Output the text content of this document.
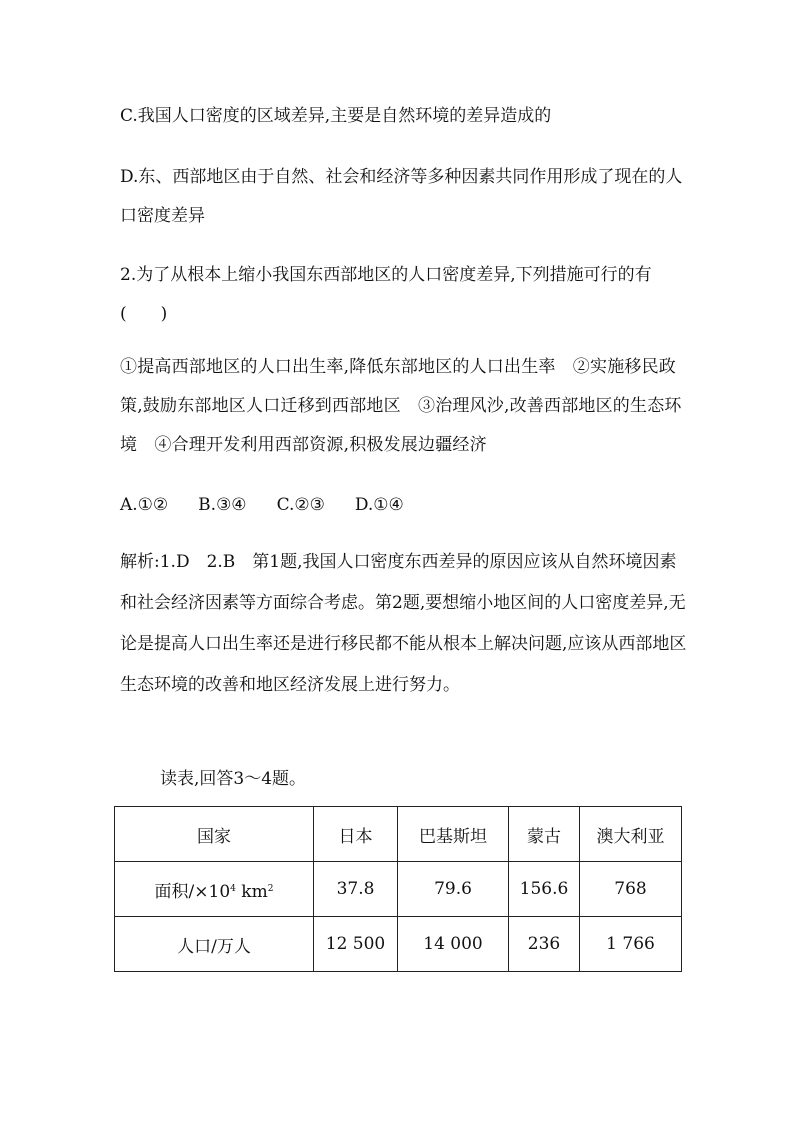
C.我国人口密度的区域差异,主要是自然环境的差异造成的

D.东、西部地区由于自然、社会和经济等多种因素共同作用形成了现在的人口密度差异

2.为了从根本上缩小我国东西部地区的人口密度差异,下列措施可行的有(　　)

①提高西部地区的人口出生率,降低东部地区的人口出生率　②实施移民政策,鼓励东部地区人口迁移到西部地区　③治理风沙,改善西部地区的生态环境　④合理开发利用西部资源,积极发展边疆经济

A.①② B.③④ C.②③ D.①④

解析:1.D　2.B　第1题,我国人口密度东西差异的原因应该从自然环境因素和社会经济因素等方面综合考虑。第2题,要想缩小地区间的人口密度差异,无论是提高人口出生率还是进行移民都不能从根本上解决问题,应该从西部地区生态环境的改善和地区经济发展上进行努力。

读表,回答3～4题。

国家	日本	巴基斯坦	蒙古	澳大利亚
面积$/\times 10^4$ $km^2$	37.8	79.6	156.6	768
人口/万人	12 500	14 000	236	1 766
